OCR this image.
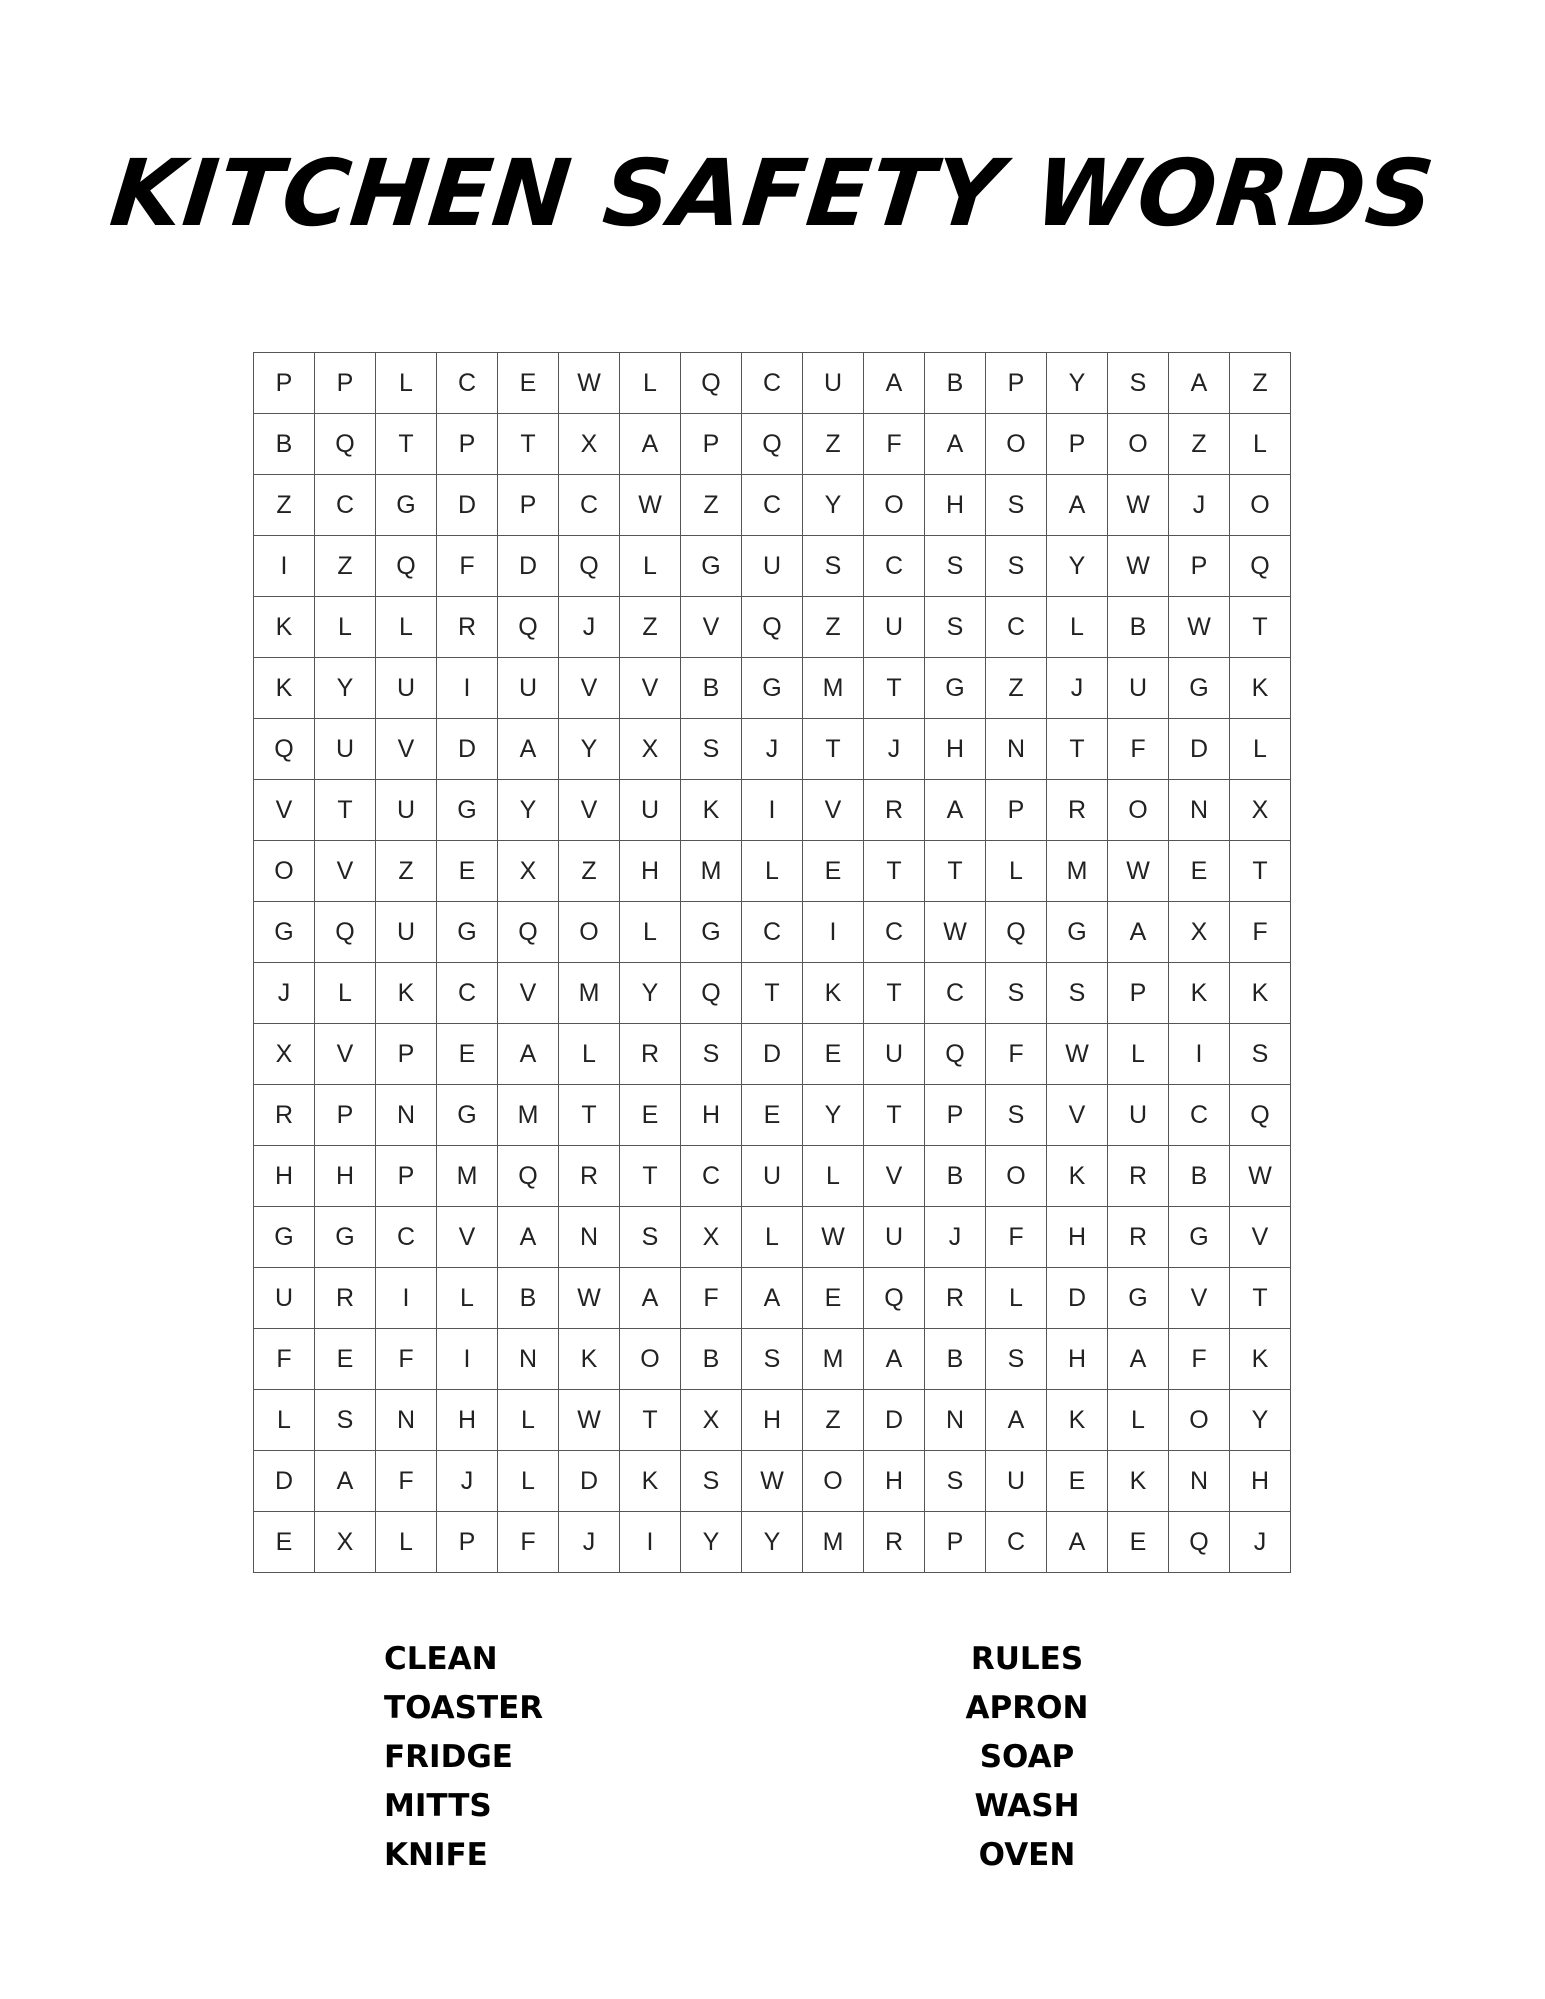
KITCHEN SAFETY WORDS
P	P	L	C	E	W	L	Q	C	U	A	B	P	Y	S	A	Z
B	Q	T	P	T	X	A	P	Q	Z	F	A	O	P	O	Z	L
Z	C	G	D	P	C	W	Z	C	Y	O	H	S	A	W	J	O
I	Z	Q	F	D	Q	L	G	U	S	C	S	S	Y	W	P	Q
K	L	L	R	Q	J	Z	V	Q	Z	U	S	C	L	B	W	T
K	Y	U	I	U	V	V	B	G	M	T	G	Z	J	U	G	K
Q	U	V	D	A	Y	X	S	J	T	J	H	N	T	F	D	L
V	T	U	G	Y	V	U	K	I	V	R	A	P	R	O	N	X
O	V	Z	E	X	Z	H	M	L	E	T	T	L	M	W	E	T
G	Q	U	G	Q	O	L	G	C	I	C	W	Q	G	A	X	F
J	L	K	C	V	M	Y	Q	T	K	T	C	S	S	P	K	K
X	V	P	E	A	L	R	S	D	E	U	Q	F	W	L	I	S
R	P	N	G	M	T	E	H	E	Y	T	P	S	V	U	C	Q
H	H	P	M	Q	R	T	C	U	L	V	B	O	K	R	B	W
G	G	C	V	A	N	S	X	L	W	U	J	F	H	R	G	V
U	R	I	L	B	W	A	F	A	E	Q	R	L	D	G	V	T
F	E	F	I	N	K	O	B	S	M	A	B	S	H	A	F	K
L	S	N	H	L	W	T	X	H	Z	D	N	A	K	L	O	Y
D	A	F	J	L	D	K	S	W	O	H	S	U	E	K	N	H
E	X	L	P	F	J	I	Y	Y	M	R	P	C	A	E	Q	J
CLEAN
TOASTER
FRIDGE
MITTS
KNIFE
RULES
APRON
SOAP
WASH
OVEN
